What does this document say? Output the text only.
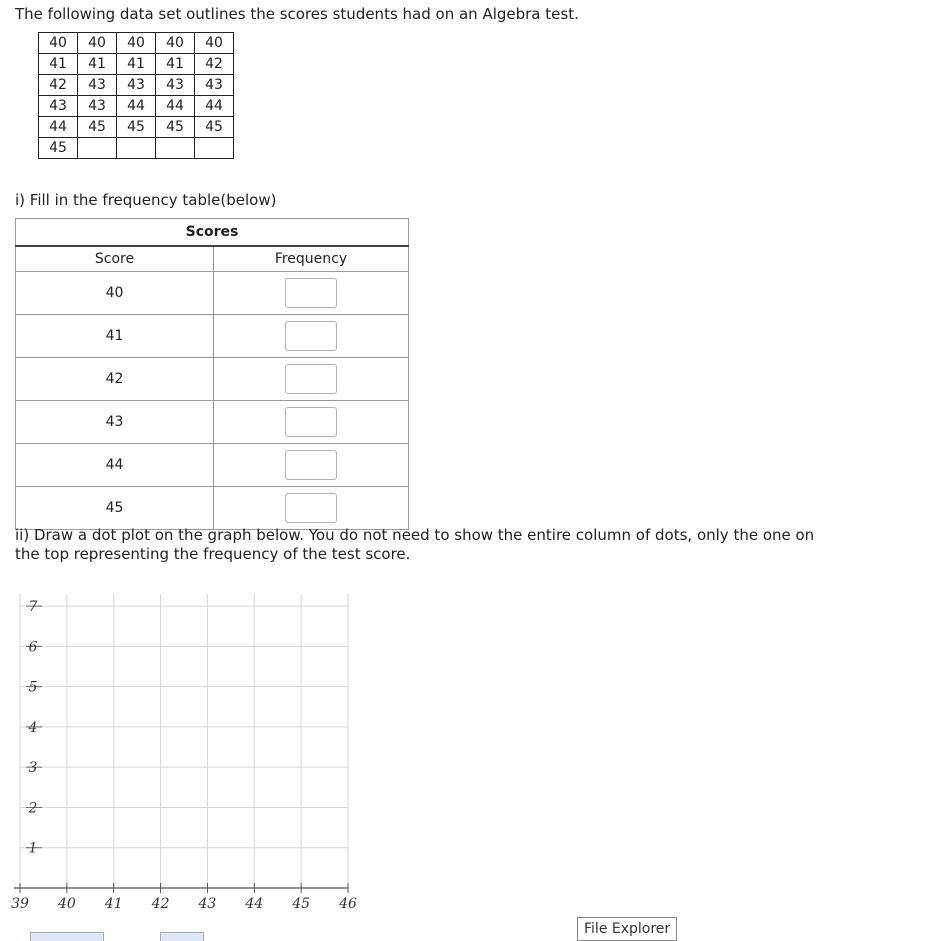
The following data set outlines the scores students had on an Algebra test.
40	40	40	40	40
41	41	41	41	42
42	43	43	43	43
43	43	44	44	44
44	45	45	45	45
45				
i) Fill in the frequency table(below)
Scores	
Score	Frequency
40	
41	
42	
43	
44	
45	
ii) Draw a dot plot on the graph below. You do not need to show the entire column of dots, only the one on the top representing the frequency of the test score.
39 40 41 42 43 44 45 46
1
2
3
4
5
6
7
File Explorer
